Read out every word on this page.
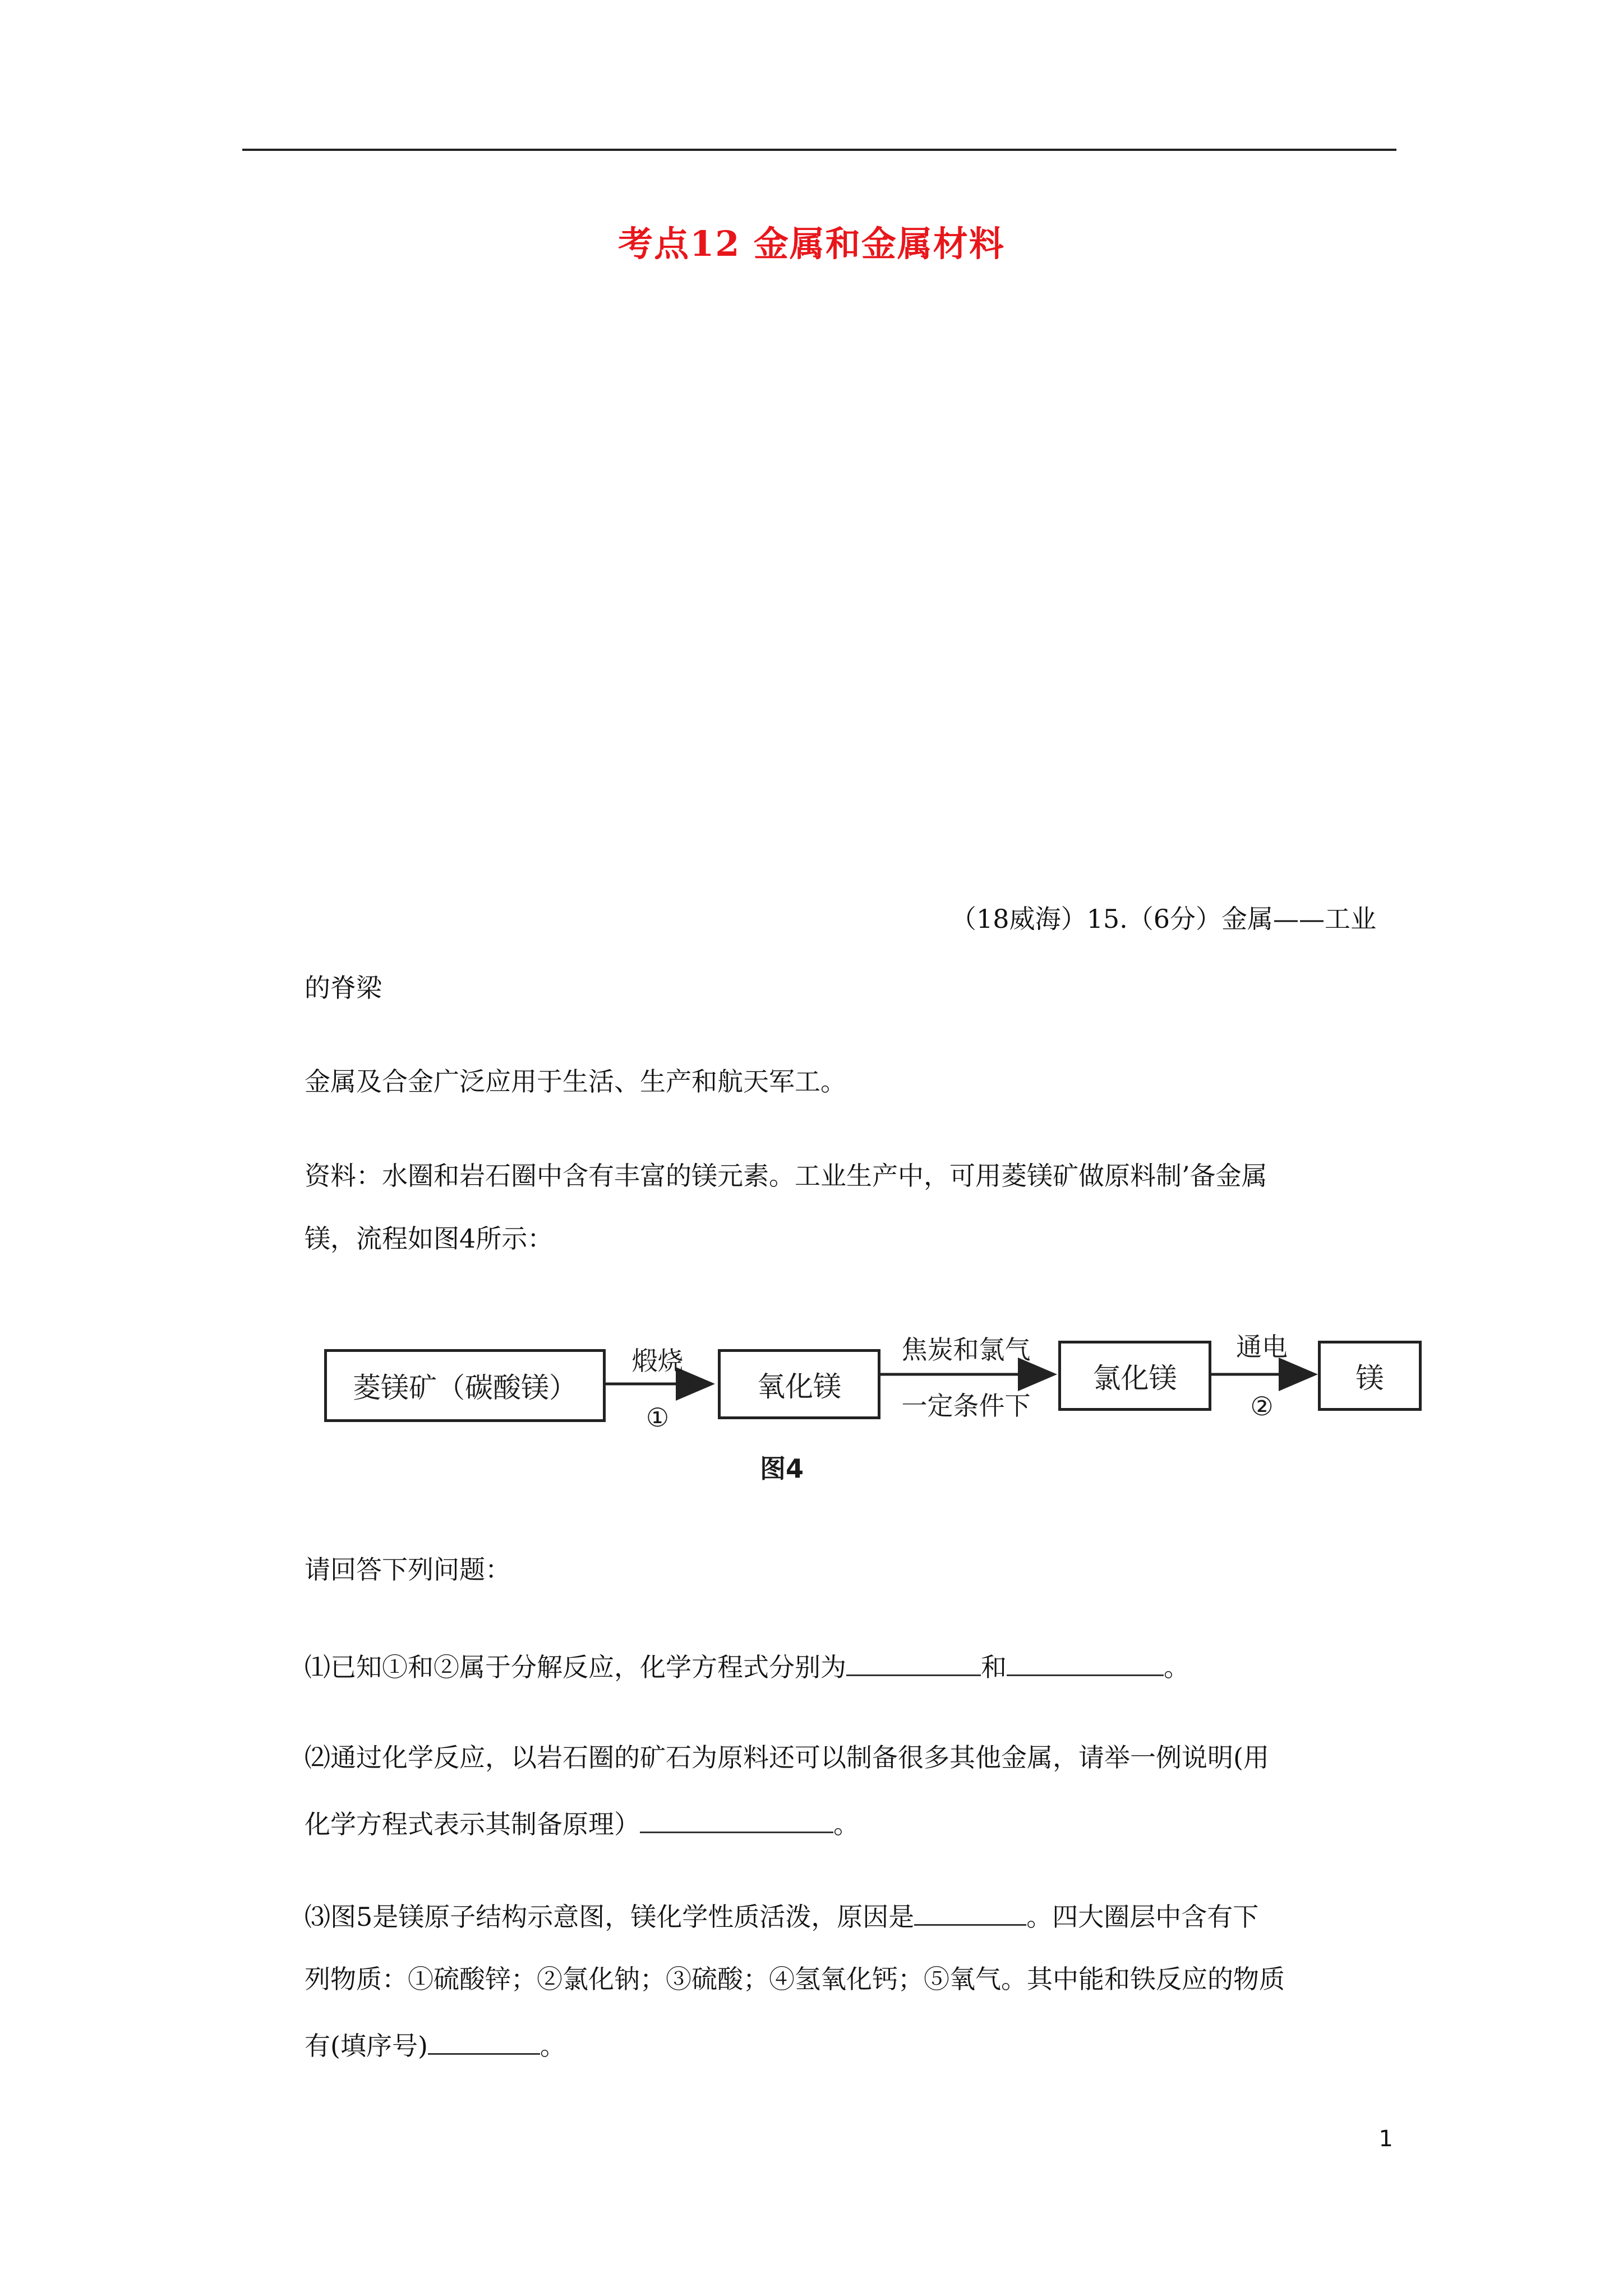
考点12 金属和金属材料
（18威海）15.（6分）金属——工业
的脊梁
金属及合金广泛应用于生活、生产和航天军工。
资料：水圈和岩石圈中含有丰富的镁元素。工业生产中，可用菱镁矿做原料制’备金属
镁，流程如图4所示：
菱镁矿（碳酸镁）	氧化镁	氯化镁	镁
煅烧
①
焦炭和氯气
一定条件下
通电
②
图4
请回答下列问题：
⑴已知①和②属于分解反应，化学方程式分别为	和	。
⑵通过化学反应，以岩石圈的矿石为原料还可以制备很多其他金属，请举一例说明(用
化学方程式表示其制备原理）	。
⑶图5是镁原子结构示意图，镁化学性质活泼，原因是	。四大圈层中含有下
列物质：①硫酸锌；②氯化钠；③硫酸；④氢氧化钙；⑤氧气。其中能和铁反应的物质
有(填序号)	。
1
